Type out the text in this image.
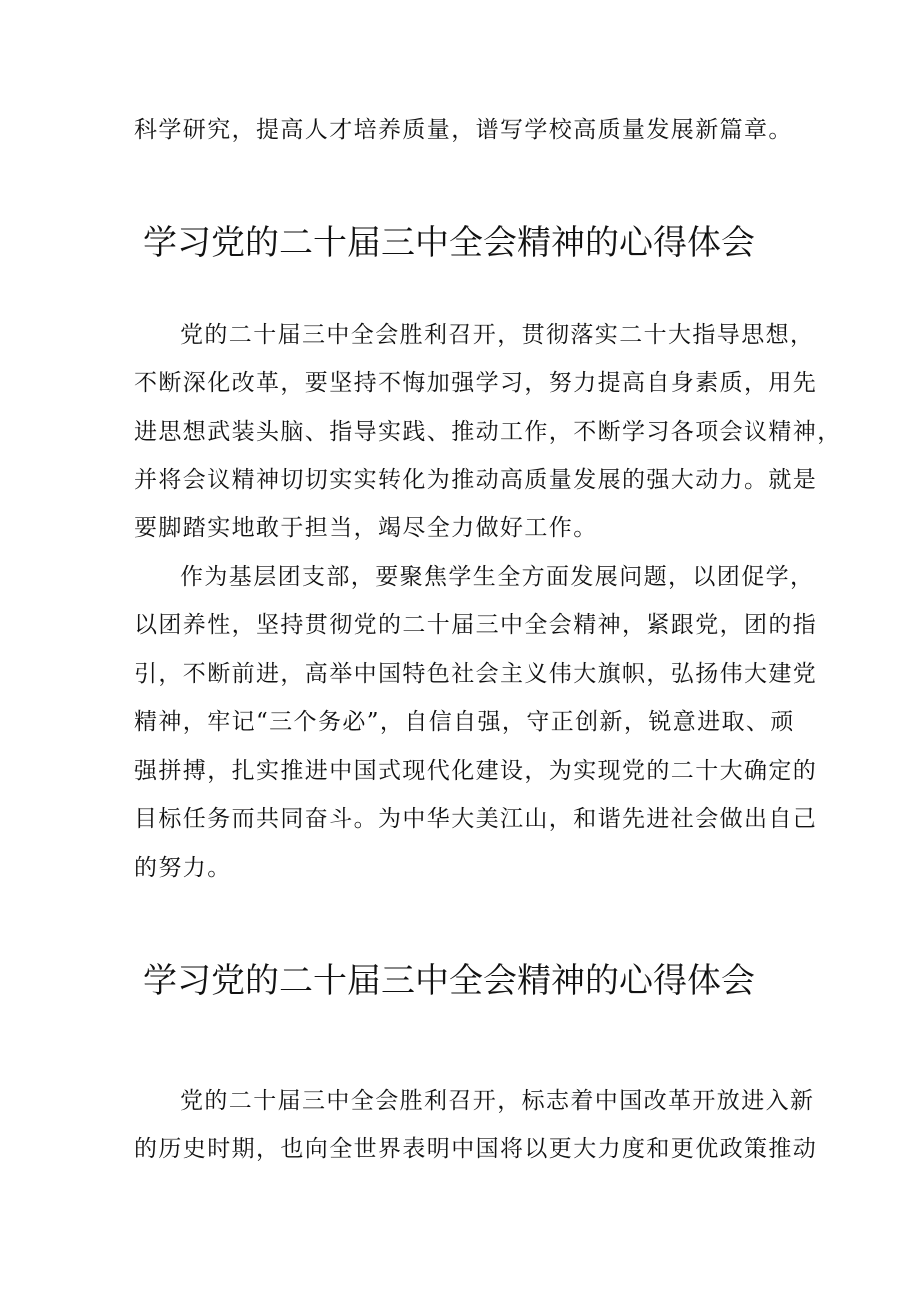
科学研究，提高人才培养质量，谱写学校高质量发展新篇章。

学习党的二十届三中全会精神的心得体会

党的二十届三中全会胜利召开，贯彻落实二十大指导思想，

不断深化改革，要坚持不悔加强学习，努力提高自身素质，用先

进思想武装头脑、指导实践、推动工作，不断学习各项会议精神，

并将会议精神切切实实转化为推动高质量发展的强大动力。就是

要脚踏实地敢于担当，竭尽全力做好工作。

作为基层团支部，要聚焦学生全方面发展问题，以团促学，

以团养性，坚持贯彻党的二十届三中全会精神，紧跟党，团的指

引，不断前进，高举中国特色社会主义伟大旗帜，弘扬伟大建党

精神，牢记“三个务必”，自信自强，守正创新，锐意进取、顽

强拼搏，扎实推进中国式现代化建设，为实现党的二十大确定的

目标任务而共同奋斗。为中华大美江山，和谐先进社会做出自己

的努力。

学习党的二十届三中全会精神的心得体会

党的二十届三中全会胜利召开，标志着中国改革开放进入新

的历史时期，也向全世界表明中国将以更大力度和更优政策推动
